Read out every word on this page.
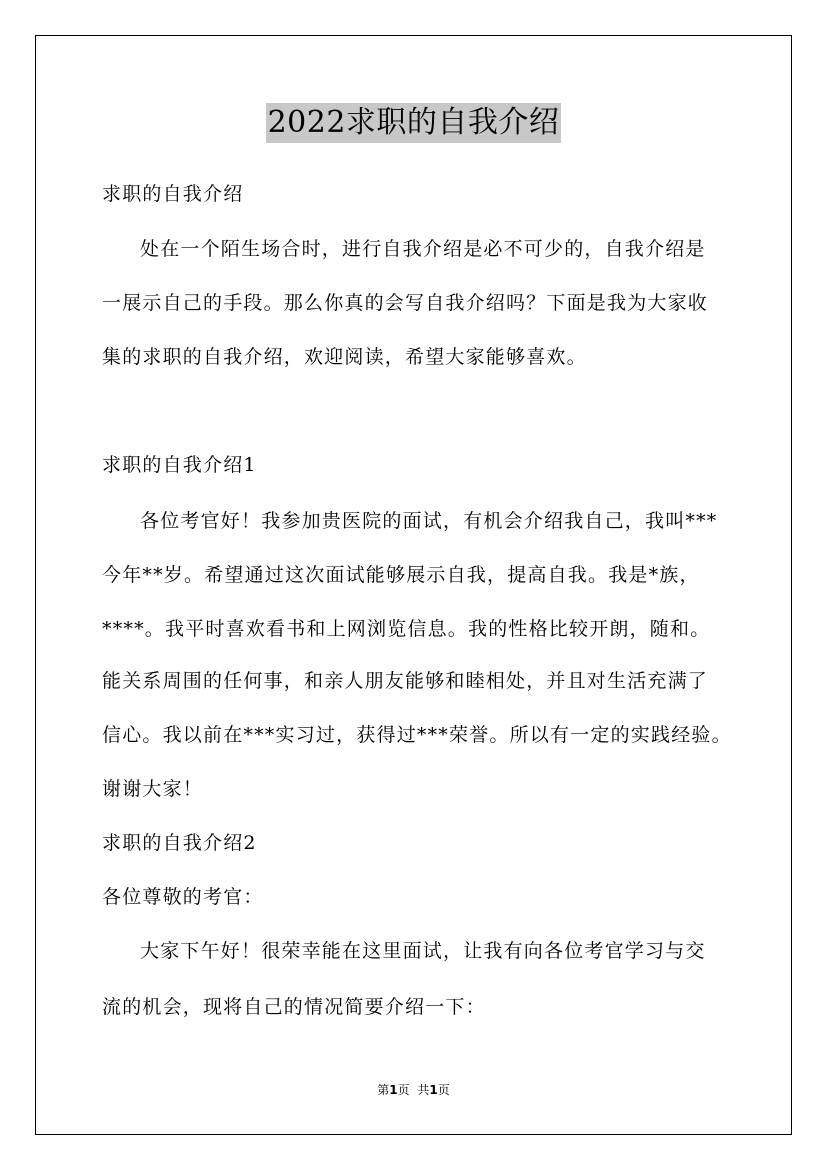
2022求职的自我介绍
求职的自我介绍
处在一个陌生场合时，进行自我介绍是必不可少的，自我介绍是
一展示自己的手段。那么你真的会写自我介绍吗？下面是我为大家收
集的求职的自我介绍，欢迎阅读，希望大家能够喜欢。
求职的自我介绍1
各位考官好！我参加贵医院的面试，有机会介绍我自己，我叫***
今年**岁。希望通过这次面试能够展示自我，提高自我。我是*族，
****。我平时喜欢看书和上网浏览信息。我的性格比较开朗，随和。
能关系周围的任何事，和亲人朋友能够和睦相处，并且对生活充满了
信心。我以前在***实习过，获得过***荣誉。所以有一定的实践经验。
谢谢大家！
求职的自我介绍2
各位尊敬的考官：
大家下午好！很荣幸能在这里面试，让我有向各位考官学习与交
流的机会，现将自己的情况简要介绍一下：
第1页 共1页
